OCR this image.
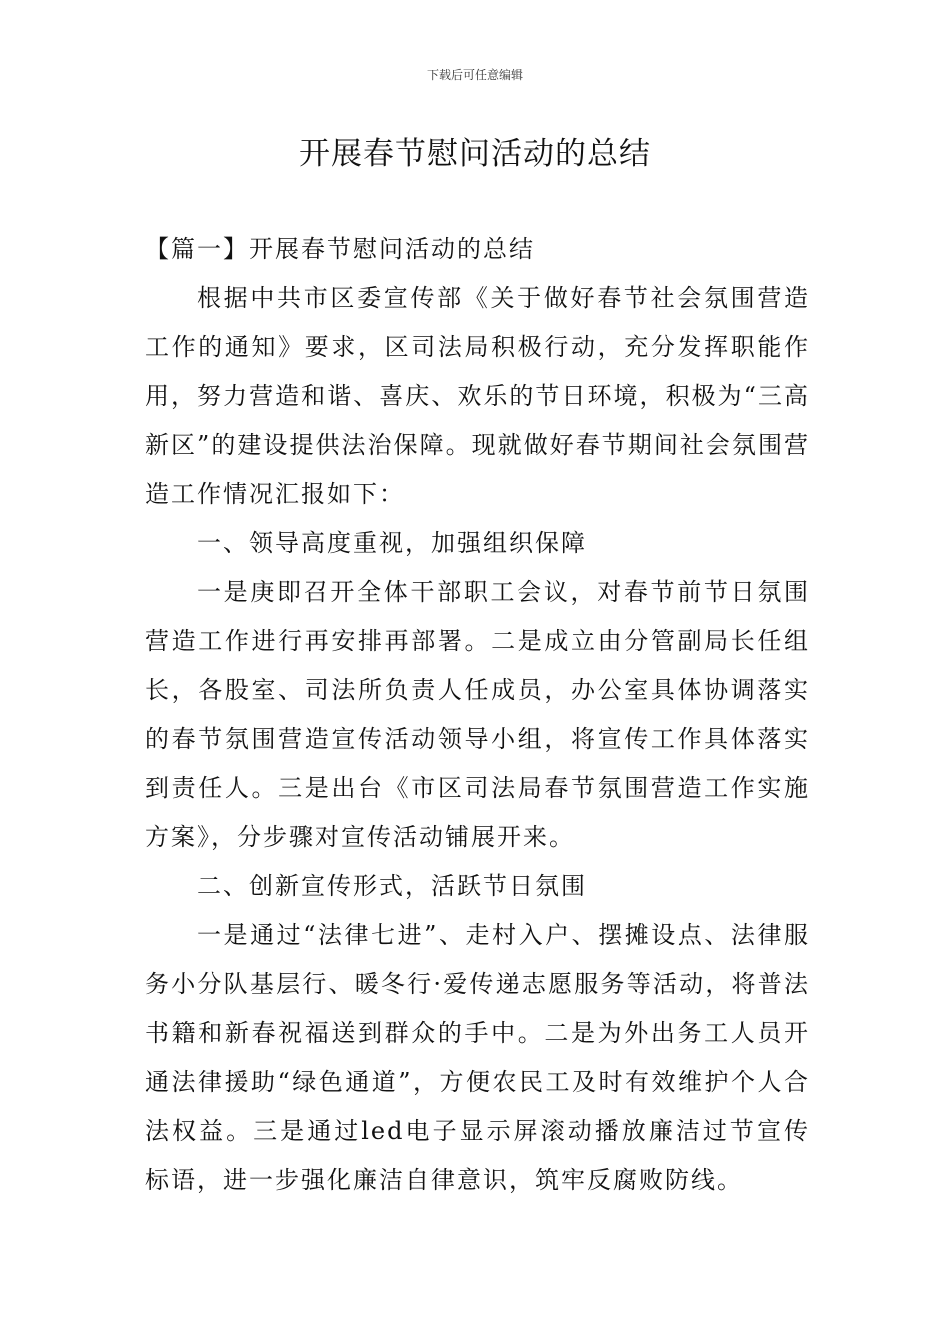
下载后可任意编辑
开展春节慰问活动的总结

【篇一】开展春节慰问活动的总结

根据中共市区委宣传部《关于做好春节社会氛围营造工作的通知》要求，区司法局积极行动，充分发挥职能作用，努力营造和谐、喜庆、欢乐的节日环境，积极为“三高新区”的建设提供法治保障。现就做好春节期间社会氛围营造工作情况汇报如下：

一、领导高度重视，加强组织保障

一是庚即召开全体干部职工会议，对春节前节日氛围营造工作进行再安排再部署。二是成立由分管副局长任组长，各股室、司法所负责人任成员，办公室具体协调落实的春节氛围营造宣传活动领导小组，将宣传工作具体落实到责任人。三是出台《市区司法局春节氛围营造工作实施方案》，分步骤对宣传活动铺展开来。

二、创新宣传形式，活跃节日氛围

一是通过“法律七进”、走村入户、摆摊设点、法律服务小分队基层行、暖冬行·爱传递志愿服务等活动，将普法书籍和新春祝福送到群众的手中。二是为外出务工人员开通法律援助“绿色通道”，方便农民工及时有效维护个人合法权益。三是通过led电子显示屏滚动播放廉洁过节宣传标语，进一步强化廉洁自律意识，筑牢反腐败防线。
